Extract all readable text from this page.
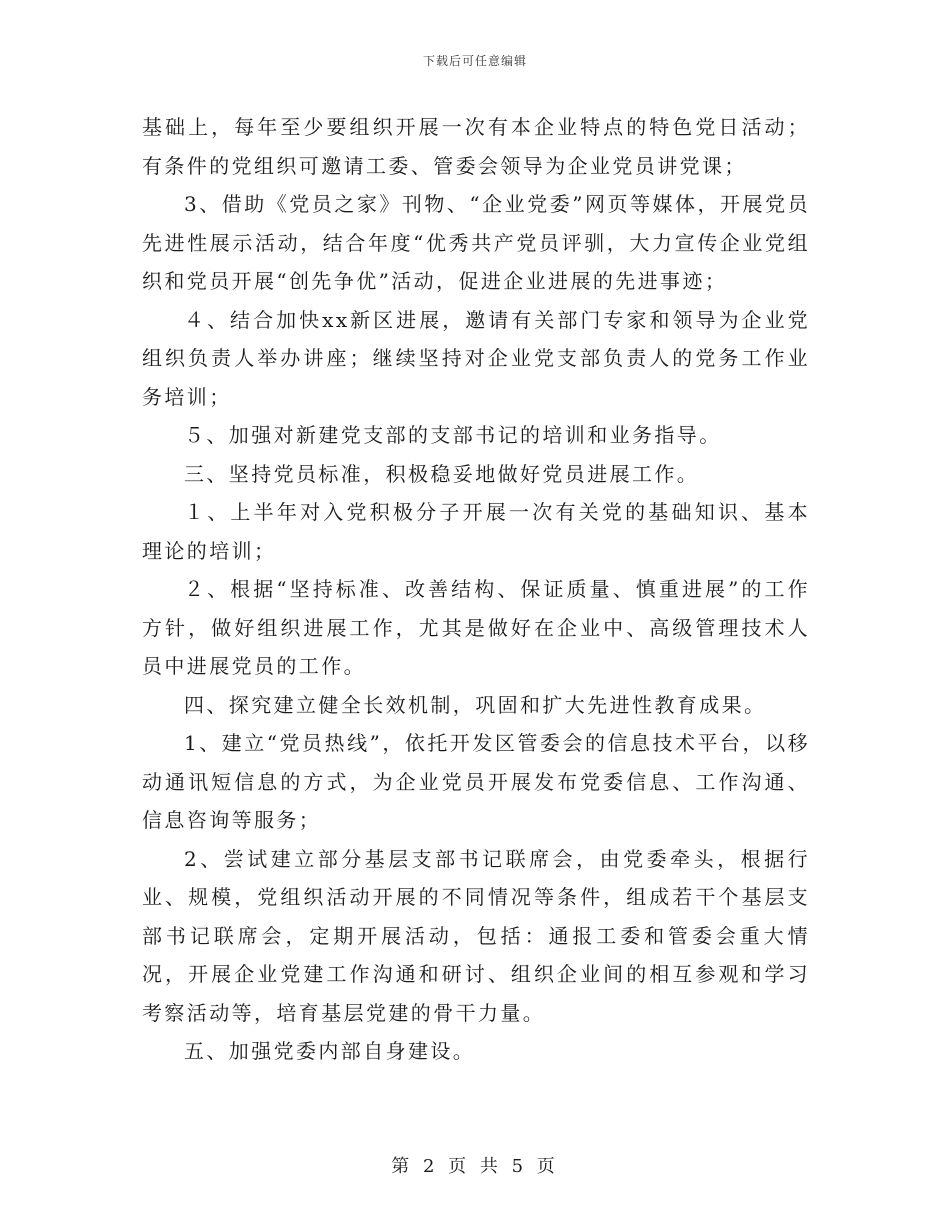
下载后可任意编辑

基础上，每年至少要组织开展一次有本企业特点的特色党日活动；有条件的党组织可邀请工委、管委会领导为企业党员讲党课；

3、借助《党员之家》刊物、“企业党委”网页等媒体，开展党员先进性展示活动，结合年度“优秀共产党员评驯，大力宣传企业党组织和党员开展“创先争优”活动，促进企业进展的先进事迹；

４、结合加快xx新区进展，邀请有关部门专家和领导为企业党组织负责人举办讲座；继续坚持对企业党支部负责人的党务工作业务培训；

５、加强对新建党支部的支部书记的培训和业务指导。

三、坚持党员标准，积极稳妥地做好党员进展工作。

１、上半年对入党积极分子开展一次有关党的基础知识、基本理论的培训；

２、根据“坚持标准、改善结构、保证质量、慎重进展”的工作方针，做好组织进展工作，尤其是做好在企业中、高级管理技术人员中进展党员的工作。

四、探究建立健全长效机制，巩固和扩大先进性教育成果。

1、建立“党员热线”，依托开发区管委会的信息技术平台，以移动通讯短信息的方式，为企业党员开展发布党委信息、工作沟通、信息咨询等服务；

2、尝试建立部分基层支部书记联席会，由党委牵头，根据行业、规模，党组织活动开展的不同情况等条件，组成若干个基层支部书记联席会，定期开展活动，包括：通报工委和管委会重大情况，开展企业党建工作沟通和研讨、组织企业间的相互参观和学习考察活动等，培育基层党建的骨干力量。

五、加强党委内部自身建设。

第 2 页 共 5 页
